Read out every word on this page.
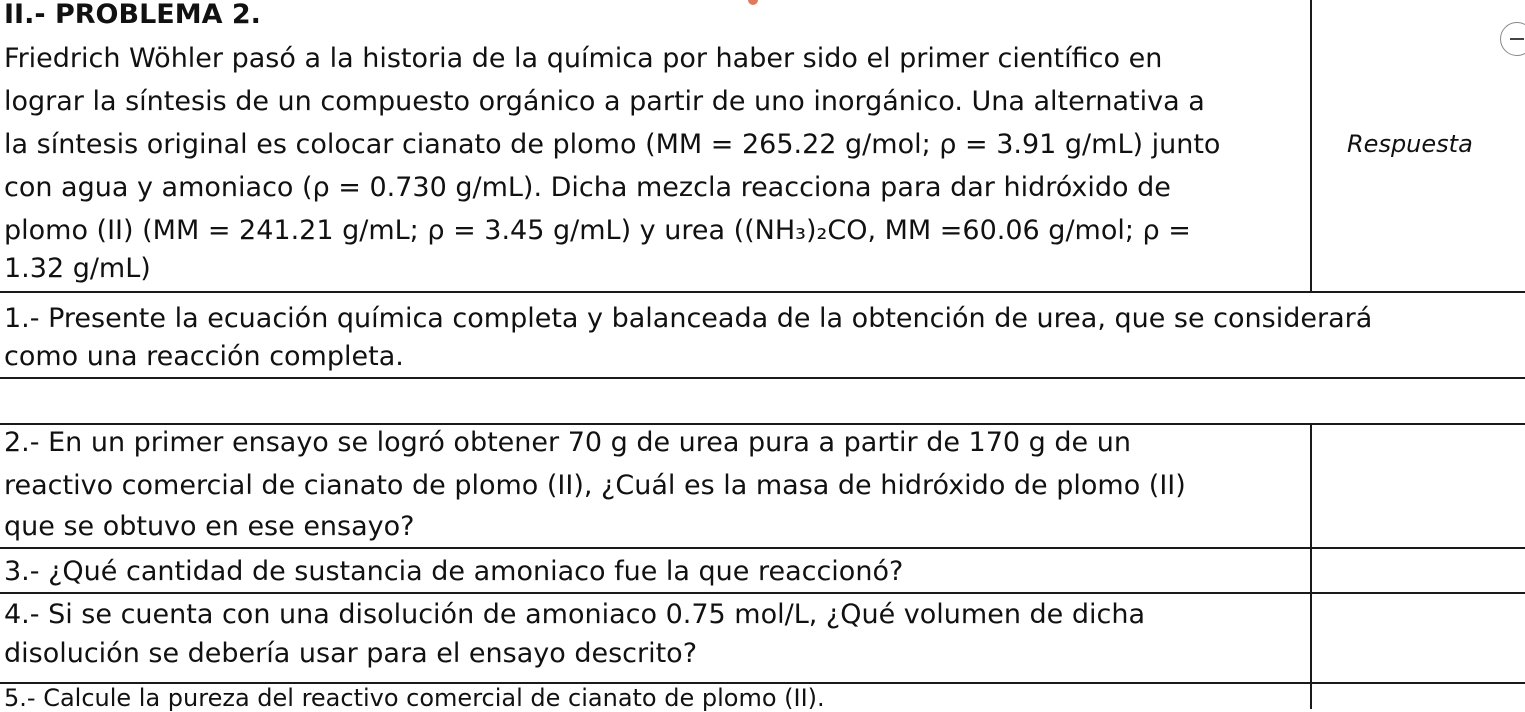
II.- PROBLEMA 2.
Friedrich Wöhler pasó a la historia de la química por haber sido el primer científico en
lograr la síntesis de un compuesto orgánico a partir de uno inorgánico. Una alternativa a
la síntesis original es colocar cianato de plomo (MM = 265.22 g/mol; ρ = 3.91 g/mL) junto
con agua y amoniaco (ρ = 0.730 g/mL). Dicha mezcla reacciona para dar hidróxido de
plomo (II) (MM = 241.21 g/mL; ρ = 3.45 g/mL) y urea ((NH₃)₂CO, MM =60.06 g/mol; ρ =
1.32 g/mL)
Respuesta
1.- Presente la ecuación química completa y balanceada de la obtención de urea, que se considerará
como una reacción completa.
2.- En un primer ensayo se logró obtener 70 g de urea pura a partir de 170 g de un
reactivo comercial de cianato de plomo (II), ¿Cuál es la masa de hidróxido de plomo (II)
que se obtuvo en ese ensayo?
3.- ¿Qué cantidad de sustancia de amoniaco fue la que reaccionó?
4.- Si se cuenta con una disolución de amoniaco 0.75 mol/L, ¿Qué volumen de dicha
disolución se debería usar para el ensayo descrito?
5.- Calcule la pureza del reactivo comercial de cianato de plomo (II).
